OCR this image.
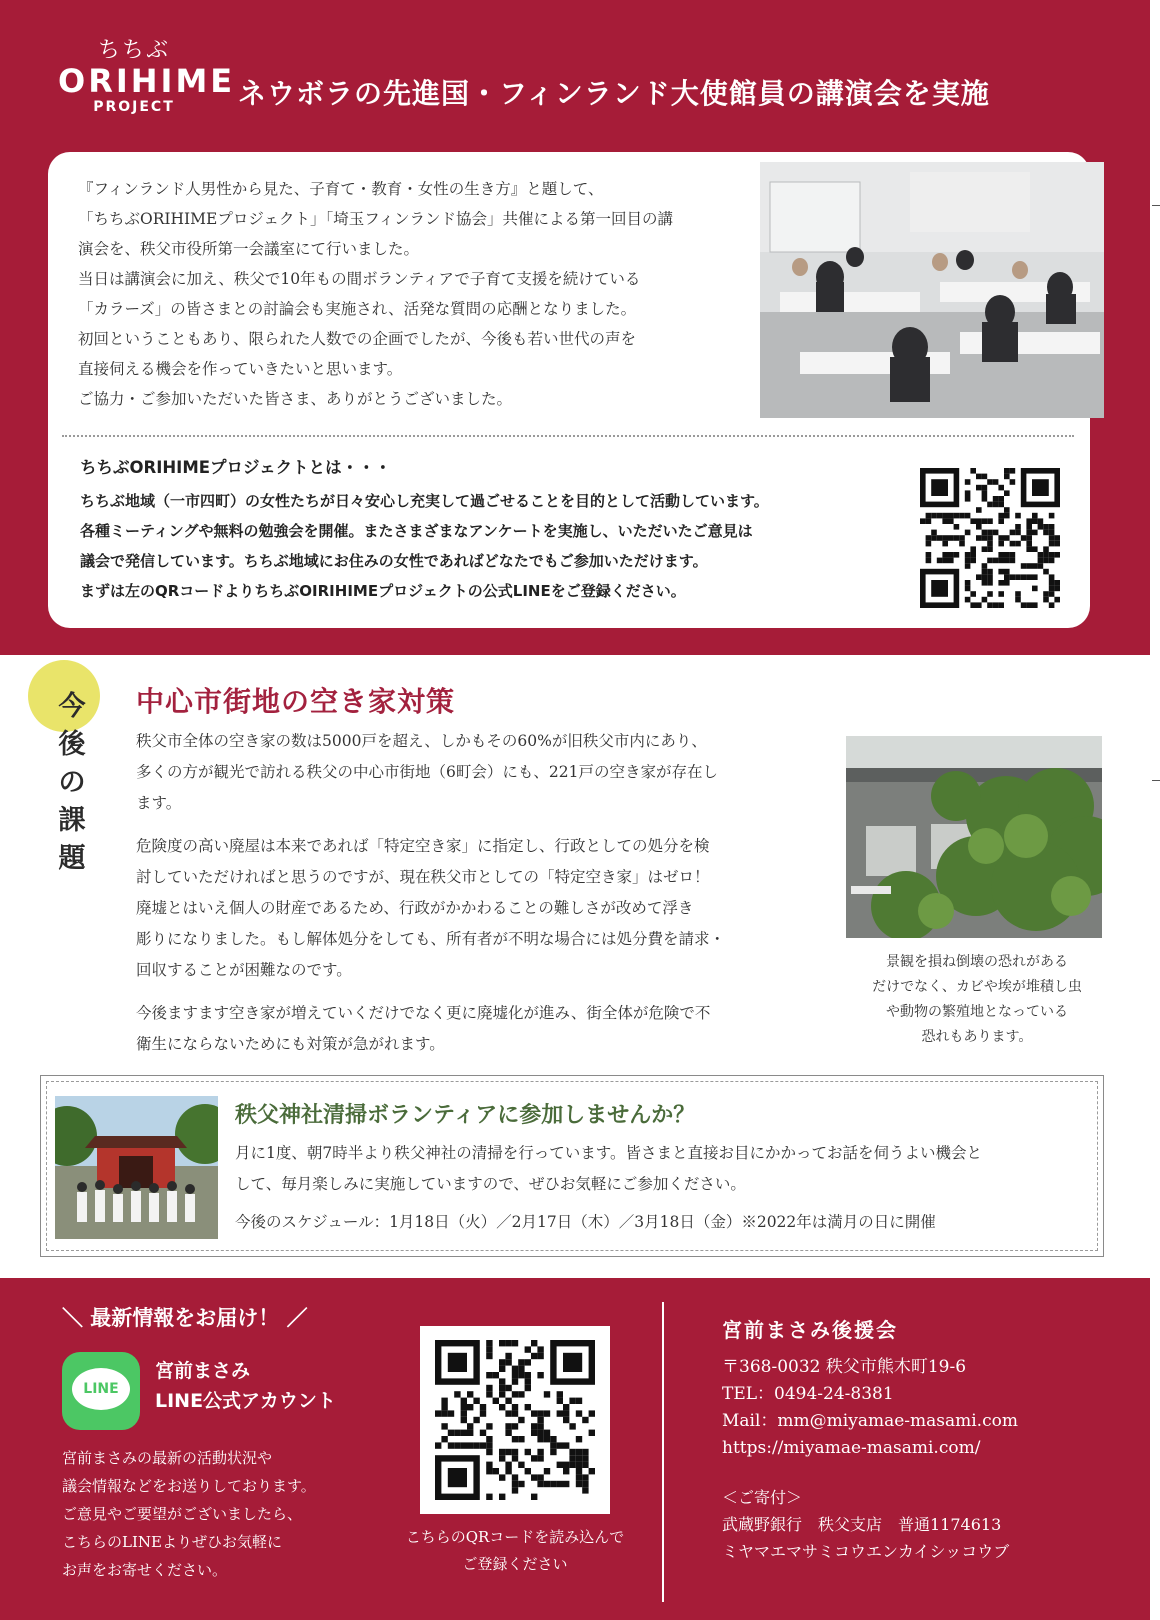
ちちぶ
ORIHIME
PROJECT	ネウボラの先進国・フィンランド大使館員の講演会を実施

『フィンランド人男性から見た、子育て・教育・女性の生き方』と題して、

「ちちぶORIHIMEプロジェクト」「埼玉フィンランド協会」共催による第一回目の講

演会を、秩父市役所第一会議室にて行いました。

当日は講演会に加え、秩父で10年もの間ボランティアで子育て支援を続けている

「カラーズ」の皆さまとの討論会も実施され、活発な質問の応酬となりました。

初回ということもあり、限られた人数での企画でしたが、今後も若い世代の声を

直接伺える機会を作っていきたいと思います。

ご協力・ご参加いただいた皆さま、ありがとうございました。

ちちぶORIHIMEプロジェクトとは・・・

ちちぶ地域（一市四町）の女性たちが日々安心し充実して過ごせることを目的として活動しています。

各種ミーティングや無料の勉強会を開催。またさまざまなアンケートを実施し、いただいたご意見は

議会で発信しています。ちちぶ地域にお住みの女性であればどなたでもご参加いただけます。

まずは左のQRコードよりちちぶOIRIHIMEプロジェクトの公式LINEをご登録ください。

今
後
の
課
題
中心市街地の空き家対策

秩父市全体の空き家の数は5000戸を超え、しかもその60%が旧秩父市内にあり、
多くの方が観光で訪れる秩父の中心市街地（6町会）にも、221戸の空き家が存在し
ます。

危険度の高い廃屋は本来であれば「特定空き家」に指定し、行政としての処分を検
討していただければと思うのですが、現在秩父市としての「特定空き家」はゼロ！
廃墟とはいえ個人の財産であるため、行政がかかわることの難しさが改めて浮き
彫りになりました。もし解体処分をしても、所有者が不明な場合には処分費を請求・
回収することが困難なのです。

今後ますます空き家が増えていくだけでなく更に廃墟化が進み、街全体が危険で不
衛生にならないためにも対策が急がれます。

景観を損ね倒壊の恐れがある
だけでなく、カビや埃が堆積し虫
や動物の繁殖地となっている
恐れもあります。
秩父神社清掃ボランティアに参加しませんか？
月に1度、朝7時半より秩父神社の清掃を行っています。皆さまと直接お目にかかってお話を伺うよい機会と
して、毎月楽しみに実施していますので、ぜひお気軽にご参加ください。
今後のスケジュール：1月18日（火）／2月17日（木）／3月18日（金）※2022年は満月の日に開催
＼ 最新情報をお届け！ ／
LINE
宮前まさみ
LINE公式アカウント
宮前まさみの最新の活動状況や
議会情報などをお送りしております。
ご意見やご要望がございましたら、
こちらのLINEよりぜひお気軽に
お声をお寄せください。
こちらのQRコードを読み込んで
ご登録ください
宮前まさみ後援会
〒368-0032 秩父市熊木町19-6
TEL：0494-24-8381
Mail：mm@miyamae-masami.com
https://miyamae-masami.com/
＜ご寄付＞
武蔵野銀行　秩父支店　普通1174613
ミヤマエマサミコウエンカイシッコウブ
